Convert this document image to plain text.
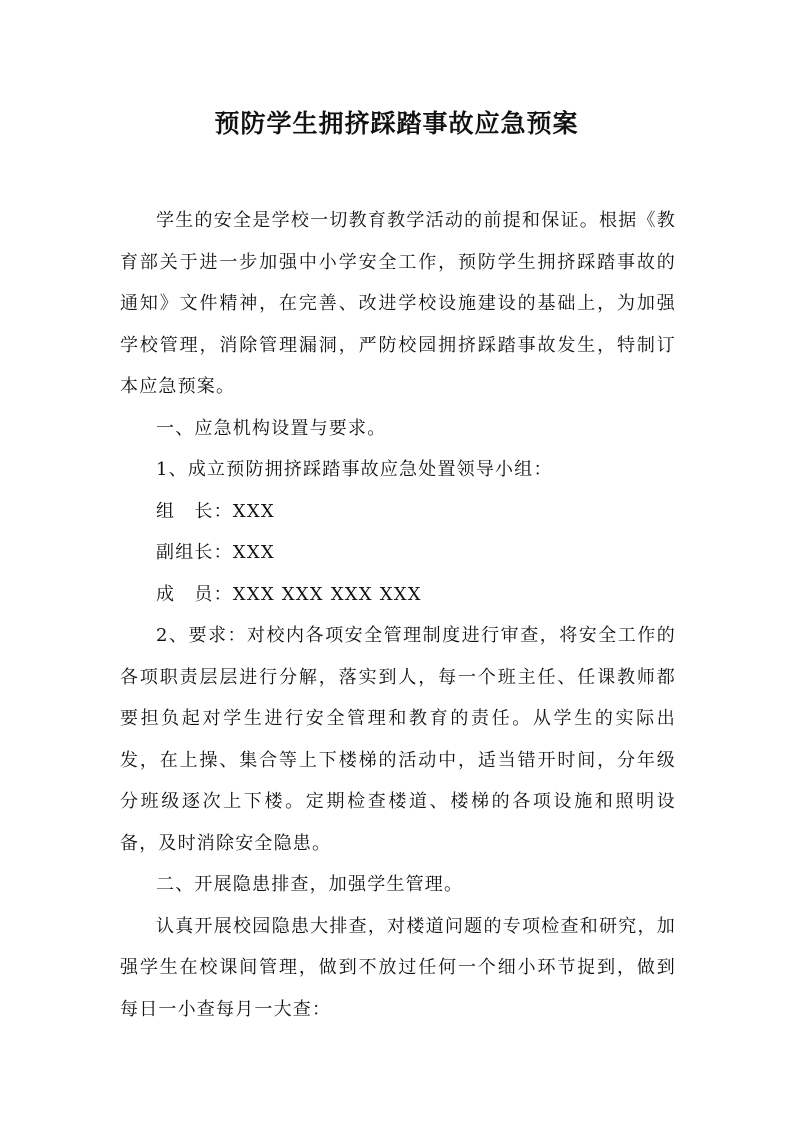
预防学生拥挤踩踏事故应急预案

学生的安全是学校一切教育教学活动的前提和保证。根据《教育部关于进一步加强中小学安全工作，预防学生拥挤踩踏事故的通知》文件精神，在完善、改进学校设施建设的基础上，为加强学校管理，消除管理漏洞，严防校园拥挤踩踏事故发生，特制订本应急预案。

一、应急机构设置与要求。

1、成立预防拥挤踩踏事故应急处置领导小组：

组　长：XXX

副组长：XXX

成　员：XXX XXX XXX XXX

2、要求：对校内各项安全管理制度进行审查，将安全工作的各项职责层层进行分解，落实到人，每一个班主任、任课教师都要担负起对学生进行安全管理和教育的责任。从学生的实际出发，在上操、集合等上下楼梯的活动中，适当错开时间，分年级分班级逐次上下楼。定期检查楼道、楼梯的各项设施和照明设备，及时消除安全隐患。

二、开展隐患排查，加强学生管理。

认真开展校园隐患大排查，对楼道问题的专项检查和研究，加强学生在校课间管理，做到不放过任何一个细小环节捉到，做到每日一小查每月一大查：
